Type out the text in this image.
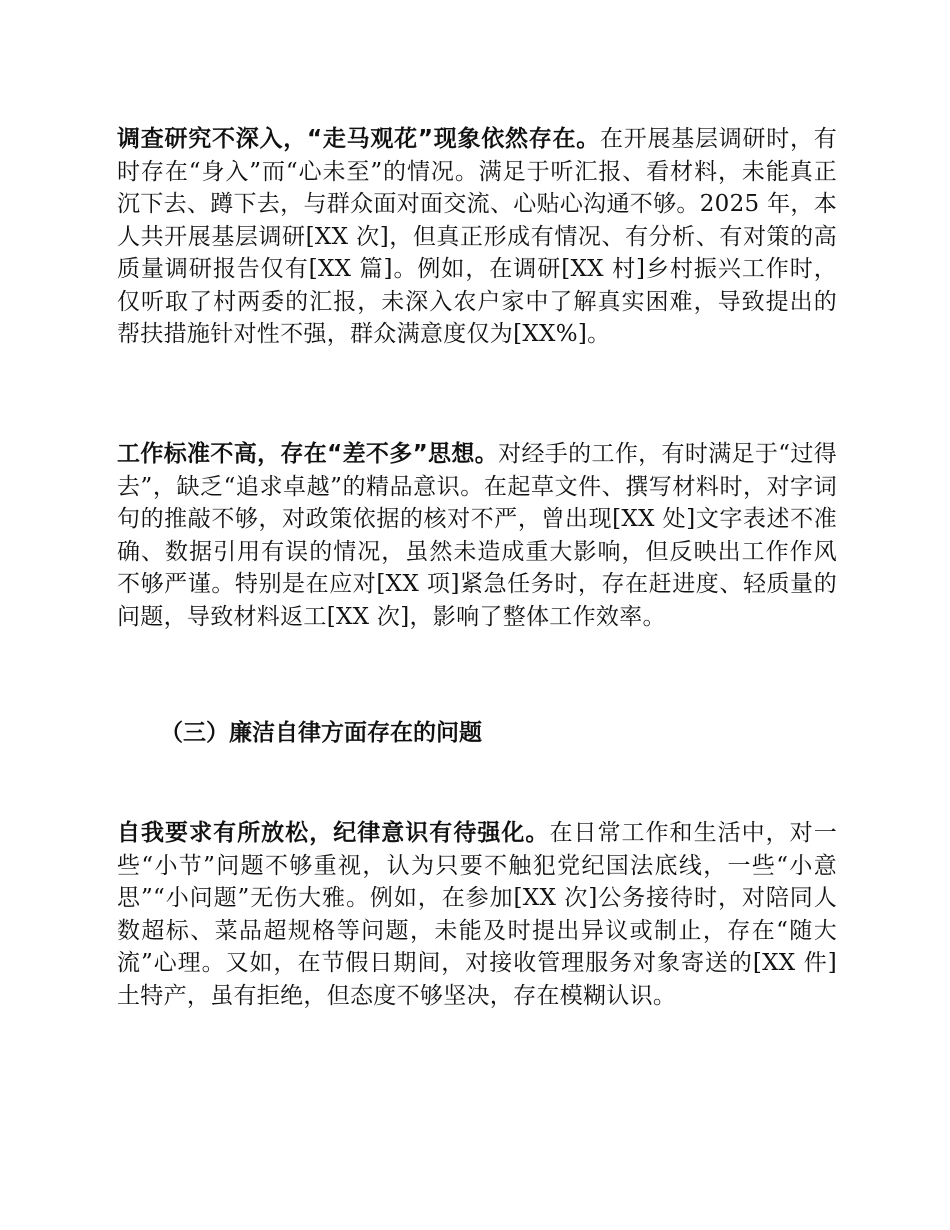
调查研究不深入，“走马观花”现象依然存在。在开展基层调研时，有时存在“身入”而“心未至”的情况。满足于听汇报、看材料，未能真正沉下去、蹲下去，与群众面对面交流、心贴心沟通不够。2025 年，本人共开展基层调研[XX 次]，但真正形成有情况、有分析、有对策的高质量调研报告仅有[XX 篇]。例如，在调研[XX 村]乡村振兴工作时，仅听取了村两委的汇报，未深入农户家中了解真实困难，导致提出的帮扶措施针对性不强，群众满意度仅为[XX%]。

工作标准不高，存在“差不多”思想。对经手的工作，有时满足于“过得去”，缺乏“追求卓越”的精品意识。在起草文件、撰写材料时，对字词句的推敲不够，对政策依据的核对不严，曾出现[XX 处]文字表述不准确、数据引用有误的情况，虽然未造成重大影响，但反映出工作作风不够严谨。特别是在应对[XX 项]紧急任务时，存在赶进度、轻质量的问题，导致材料返工[XX 次]，影响了整体工作效率。

（三）廉洁自律方面存在的问题

自我要求有所放松，纪律意识有待强化。在日常工作和生活中，对一些“小节”问题不够重视，认为只要不触犯党纪国法底线，一些“小意思”“小问题”无伤大雅。例如，在参加[XX 次]公务接待时，对陪同人数超标、菜品超规格等问题，未能及时提出异议或制止，存在“随大流”心理。又如，在节假日期间，对接收管理服务对象寄送的[XX 件]土特产，虽有拒绝，但态度不够坚决，存在模糊认识。
